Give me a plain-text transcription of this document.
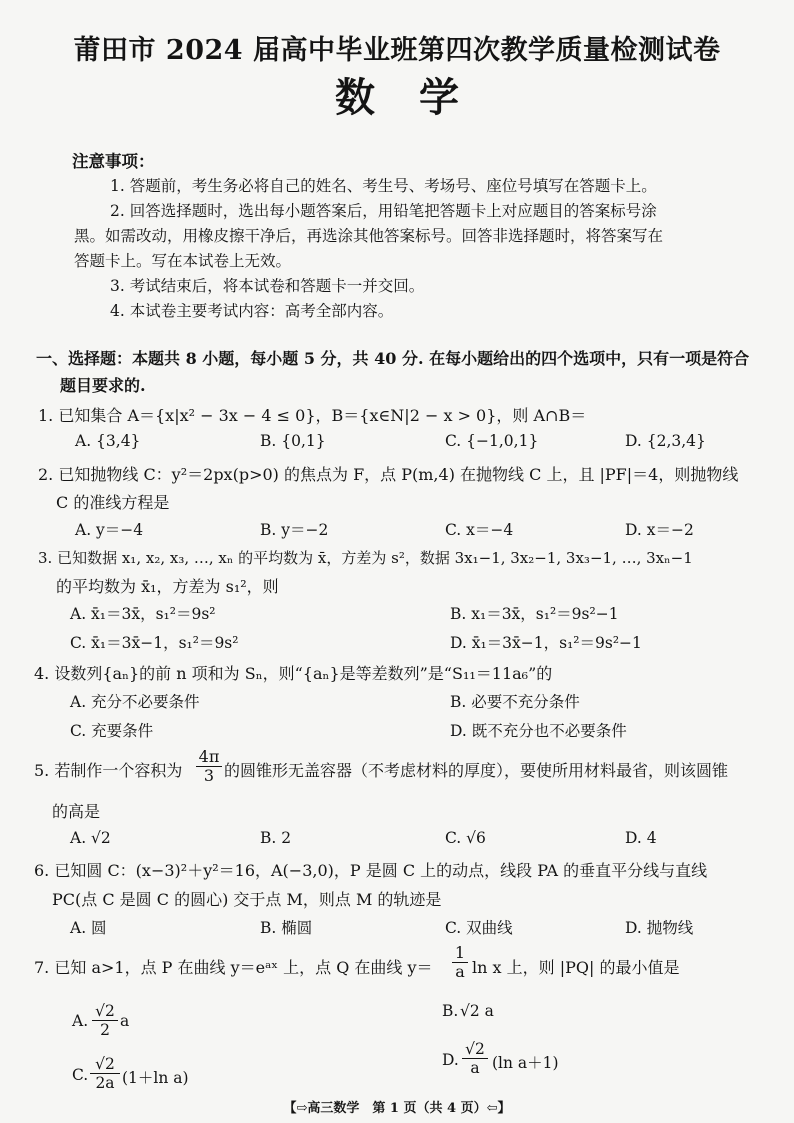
莆田市 2024 届高中毕业班第四次教学质量检测试卷
数学
注意事项：
1. 答题前，考生务必将自己的姓名、考生号、考场号、座位号填写在答题卡上。
2. 回答选择题时，选出每小题答案后，用铅笔把答题卡上对应题目的答案标号涂
黑。如需改动，用橡皮擦干净后，再选涂其他答案标号。回答非选择题时，将答案写在
答题卡上。写在本试卷上无效。
3. 考试结束后，将本试卷和答题卡一并交回。
4. 本试卷主要考试内容：高考全部内容。
一、选择题：本题共 8 小题，每小题 5 分，共 40 分. 在每小题给出的四个选项中，只有一项是符合
题目要求的.
1. 已知集合 A＝{x|x² − 3x − 4 ≤ 0}，B＝{x∈N|2 − x > 0}，则 A∩B＝
A. {3,4}	B. {0,1}	C. {−1,0,1}	D. {2,3,4}
2. 已知抛物线 C：y²＝2px(p>0) 的焦点为 F，点 P(m,4) 在抛物线 C 上，且 |PF|＝4，则抛物线
C 的准线方程是
A. y＝−4	B. y＝−2	C. x＝−4	D. x＝−2
3. 已知数据 x₁, x₂, x₃, …, xₙ 的平均数为 x̄，方差为 s²，数据 3x₁−1, 3x₂−1, 3x₃−1, …, 3xₙ−1
的平均数为 x̄₁，方差为 s₁²，则
A. x̄₁＝3x̄，s₁²＝9s²	B. x₁＝3x̄，s₁²＝9s²−1
C. x̄₁＝3x̄−1，s₁²＝9s²	D. x̄₁＝3x̄−1，s₁²＝9s²−1
4. 设数列{aₙ}的前 n 项和为 Sₙ，则“{aₙ}是等差数列”是“S₁₁＝11a₆”的
A. 充分不必要条件	B. 必要不充分条件
C. 充要条件	D. 既不充分也不必要条件
5. 若制作一个容积为 $\frac{4\pi}{3}$ 的圆锥形无盖容器（不考虑材料的厚度），要使所用材料最省，则该圆锥
的高是
A. √2	B. 2	C. √6	D. 4
6. 已知圆 C：(x−3)²＋y²＝16，A(−3,0)，P 是圆 C 上的动点，线段 PA 的垂直平分线与直线
PC(点 C 是圆 C 的圆心) 交于点 M，则点 M 的轨迹是
A. 圆	B. 椭圆	C. 双曲线	D. 抛物线
7. 已知 a>1，点 P 在曲线 y＝eᵃˣ 上，点 Q 在曲线 $y= \frac{1}{a}$ ln x 上，则 |PQ| 的最小值是
A. $\frac{√2}{2}$ a
B. √2 a
C. $\frac{√2}{2a} (1+\ln$ a)
D. $\frac{√2}{a} (\ln$ a＋1)
【⇨高三数学　第 1 页（共 4 页）⇦】
